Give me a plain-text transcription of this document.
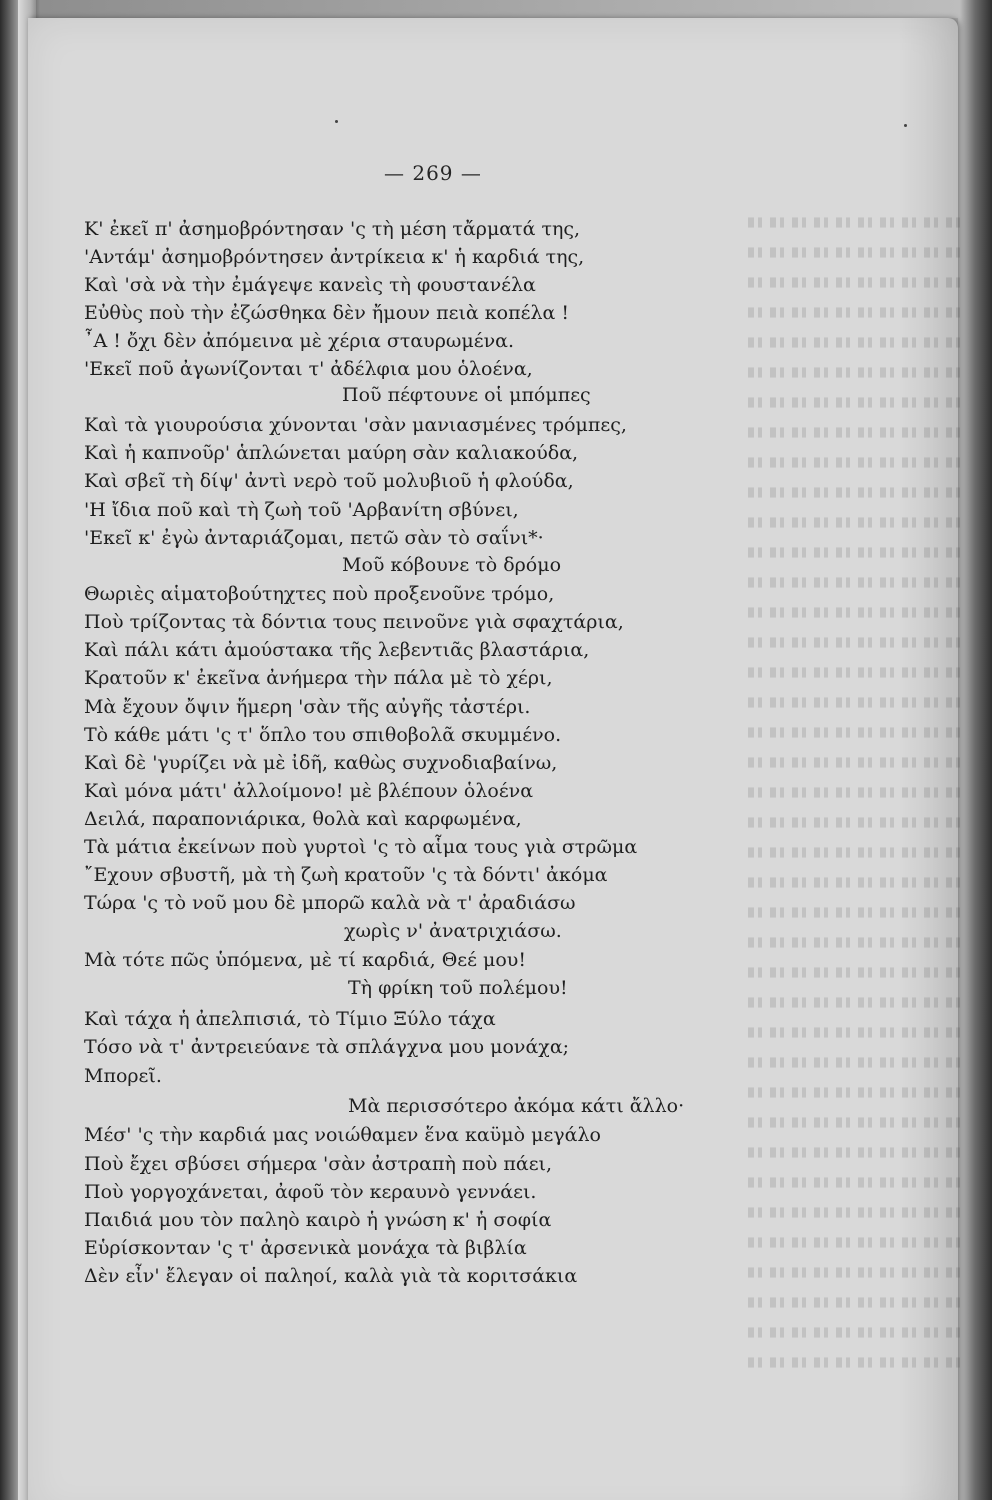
— 269 —
Κ' ἐκεῖ π' ἀσημοβρόντησαν 'ς τὴ μέση τἄρματά της,
'Αντάμ' ἀσημοβρόντησεν ἀντρίκεια κ' ἡ καρδιά της,
Καὶ 'σὰ νὰ τὴν ἐμάγεψε κανεὶς τὴ φουστανέλα
Εὐθὺς ποὺ τὴν ἐζώσθηκα δὲν ἤμουν πειὰ κοπέλα !
῏Α ! ὄχι δὲν ἀπόμεινα μὲ χέρια σταυρωμένα.
'Εκεῖ ποῦ ἀγωνίζονται τ' ἀδέλφια μου ὁλοένα,
Ποῦ πέφτουνε οἱ μπόμπες
Καὶ τὰ γιουρούσια χύνονται 'σὰν μανιασμένες τρόμπες,
Καὶ ἡ καπνοῦρ' ἁπλώνεται μαύρη σὰν καλιακούδα,
Καὶ σβεῖ τὴ δίψ' ἀντὶ νερὸ τοῦ μολυβιοῦ ἡ φλούδα,
'Η ἴδια ποῦ καὶ τὴ ζωὴ τοῦ 'Αρβανίτη σβύνει,
'Εκεῖ κ' ἐγὼ ἀνταριάζομαι, πετῶ σὰν τὸ σαΐνι*·
Μοῦ κόβουνε τὸ δρόμο
Θωριὲς αἱματοβούτηχτες ποὺ προξενοῦνε τρόμο,
Ποὺ τρίζοντας τὰ δόντια τους πεινοῦνε γιὰ σφαχτάρια,
Καὶ πάλι κάτι ἀμούστακα τῆς λεβεντιᾶς βλαστάρια,
Κρατοῦν κ' ἐκεῖνα ἀνήμερα τὴν πάλα μὲ τὸ χέρι,
Μὰ ἔχουν ὄψιν ἥμερη 'σὰν τῆς αὐγῆς τἀστέρι.
Τὸ κάθε μάτι 'ς τ' ὅπλο του σπιθοβολᾶ σκυμμένο.
Καὶ δὲ 'γυρίζει νὰ μὲ ἰδῆ, καθὼς συχνοδιαβαίνω,
Καὶ μόνα μάτι' ἀλλοίμονο! μὲ βλέπουν ὁλοένα
Δειλά, παραπονιάρικα, θολὰ καὶ καρφωμένα,
Τὰ μάτια ἐκείνων ποὺ γυρτοὶ 'ς τὸ αἷμα τους γιὰ στρῶμα
῎Εχουν σβυστῆ, μὰ τὴ ζωὴ κρατοῦν 'ς τὰ δόντι' ἀκόμα
Τώρα 'ς τὸ νοῦ μου δὲ μπορῶ καλὰ νὰ τ' ἀραδιάσω
χωρὶς ν' ἀνατριχιάσω.
Μὰ τότε πῶς ὑπόμενα, μὲ τί καρδιά, Θεέ μου!
Τὴ φρίκη τοῦ πολέμου!
Καὶ τάχα ἡ ἀπελπισιά, τὸ Τίμιο Ξύλο τάχα
Τόσο νὰ τ' ἀντρειεύανε τὰ σπλάγχνα μου μονάχα;
Μπορεῖ.
Μὰ περισσότερο ἀκόμα κάτι ἄλλο·
Μέσ' 'ς τὴν καρδιά μας νοιώθαμεν ἕνα καϋμὸ μεγάλο
Ποὺ ἔχει σβύσει σήμερα 'σὰν ἀστραπὴ ποὺ πάει,
Ποὺ γοργοχάνεται, ἀφοῦ τὸν κεραυνὸ γεννάει.
Παιδιά μου τὸν παληὸ καιρὸ ἡ γνώση κ' ἡ σοφία
Εὑρίσκονταν 'ς τ' ἀρσενικὰ μονάχα τὰ βιβλία
Δὲν εἶν' ἔλεγαν οἱ παληοί, καλὰ γιὰ τὰ κοριτσάκια
